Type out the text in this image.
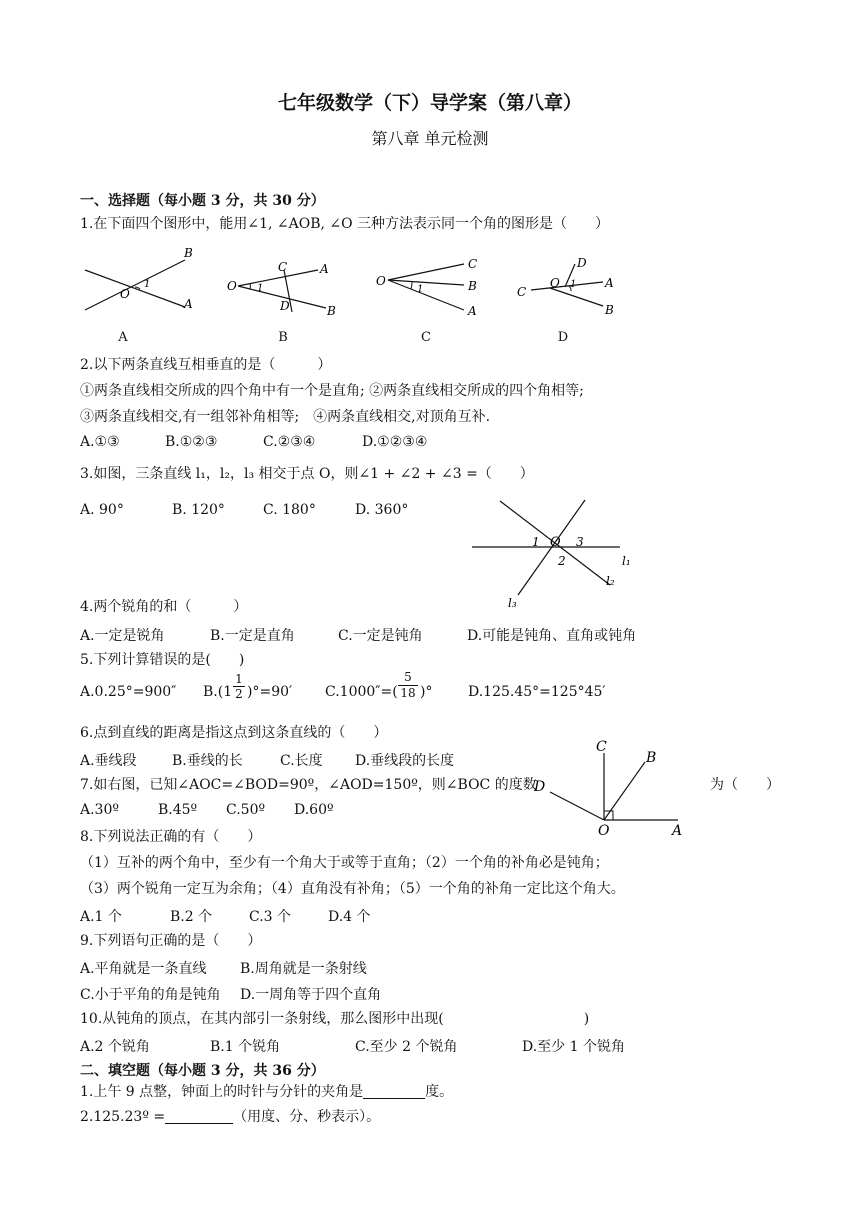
七年级数学（下）导学案（第八章）
第八章 单元检测
一、选择题（每小题 3 分，共 30 分）
1.在下面四个图形中，能用∠1, ∠AOB, ∠O 三种方法表示同一个角的图形是（　　）
B
O
1
A
C	A
O 1
D	B
O
C
1	B
A
D
C
O 1 A
B
A	B	C	D
2.以下两条直线互相垂直的是（　　　）
①两条直线相交所成的四个角中有一个是直角; ②两条直线相交所成的四个角相等;
③两条直线相交,有一组邻补角相等;　④两条直线相交,对顶角互补.
A.①③	B.①②③	C.②③④	D.①②③④
3.如图，三条直线 l₁，l₂，l₃ 相交于点 O，则∠1 + ∠2 + ∠3 =（　　）
A. 90°	B. 120°	C. 180°	D. 360°
1 O 3
2	l₁
l₂
l₃
4.两个锐角的和（　　　）
A.一定是锐角	B.一定是直角	C.一定是钝角	D.可能是钝角、直角或钝角
5.下列计算错误的是(　　)
A.0.25°=900″ $B.(1 \frac{1}{2} )^\circ=90'$ $C.1000''=( \frac{5}{18}$ )°	D.125.45°=125°45′
6.点到直线的距离是指这点到这条直线的（　　）
A.垂线段	B.垂线的长	C.长度 D.垂线段的长度
7.如右图，已知∠AOC=∠BOD=90º，∠AOD=150º，则∠BOC 的度数	为（　　）
A.30º	B.45º C.50º D.60º
C
B
D
O	A
8.下列说法正确的有（　　）
（1）互补的两个角中，至少有一个角大于或等于直角；（2）一个角的补角必是钝角；
（3）两个锐角一定互为余角；（4）直角没有补角；（5）一个角的补角一定比这个角大。
A.1 个	B.2 个	C.3 个	D.4 个
9.下列语句正确的是（　　）
A.平角就是一条直线 B.周角就是一条射线
C.小于平角的角是钝角 D.一周角等于四个直角
10.从钝角的顶点，在其内部引一条射线，那么图形中出现(　　　　　　　　　　)
A.2 个锐角	B.1 个锐角	C.至少 2 个锐角	D.至少 1 个锐角
二、填空题（每小题 3 分，共 36 分）
1.上午 9 点整，钟面上的时针与分针的夹角是	度。
2.125.23º =	（用度、分、秒表示）。
